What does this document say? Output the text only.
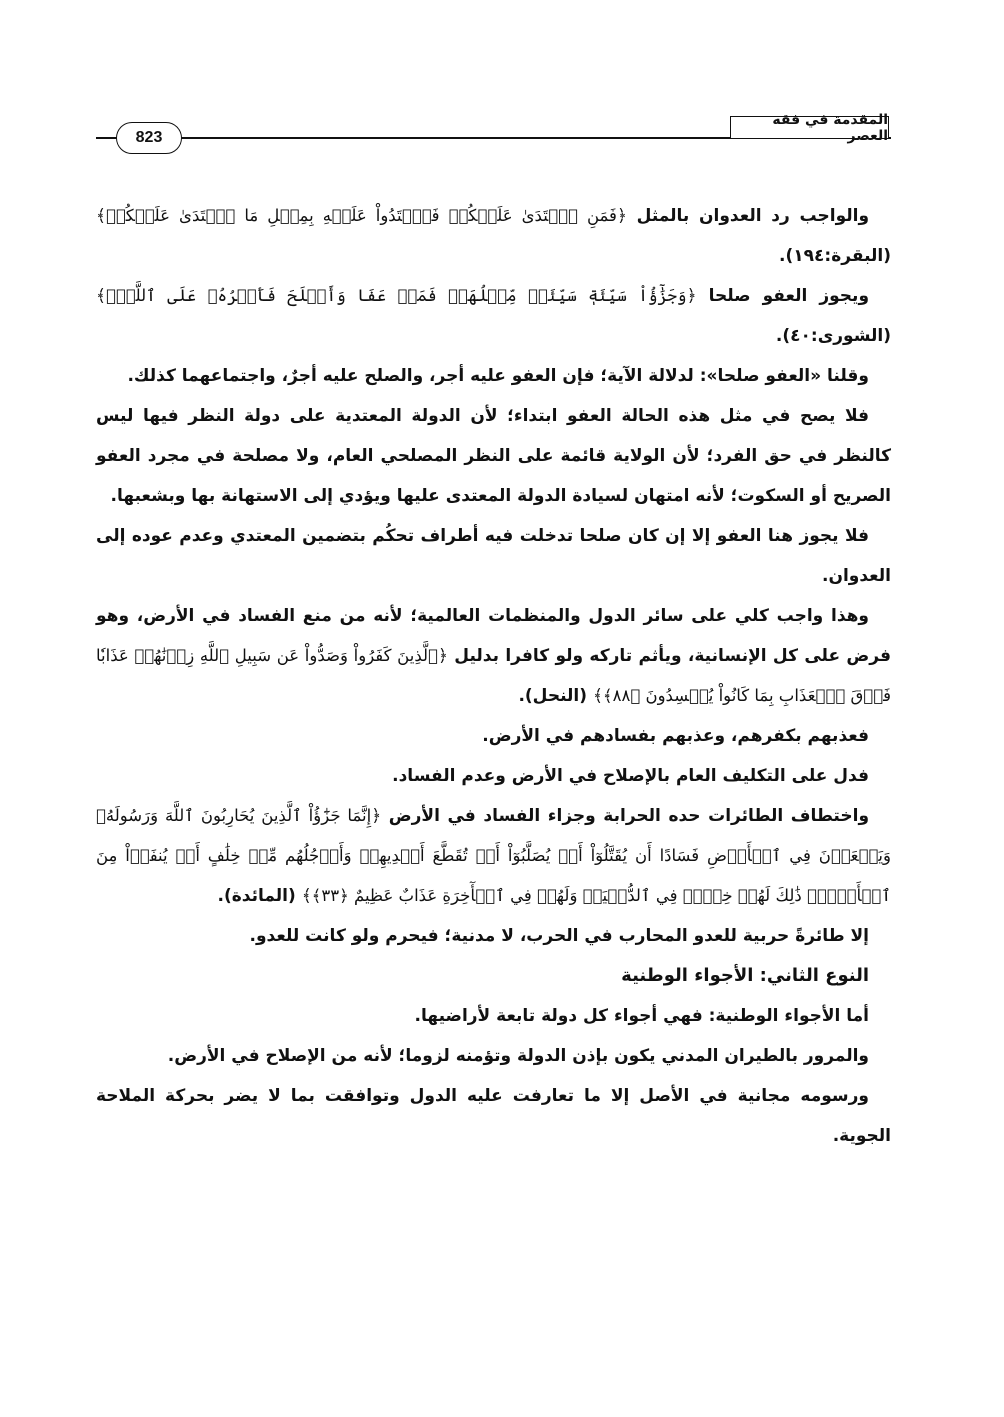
المقدمة في فقه العصر
823

والواجب رد العدوان بالمثل ﴿فَمَنِ ٱعۡتَدَىٰ عَلَيۡكُمۡ فَٱعۡتَدُواْ عَلَيۡهِ بِمِثۡلِ مَا ٱعۡتَدَىٰ عَلَيۡكُمۡ﴾ (البقرة:١٩٤).

ويجوز العفو صلحا ﴿وَجَزَٰٓؤُاْ سَيِّئَةٖ سَيِّئَةٞ مِّثۡلُهَاۖ فَمَنۡ عَفَا وَأَصۡلَحَ فَأَجۡرُهُۥ عَلَى ٱللَّهِۚ﴾ (الشورى:٤٠).

وقلنا «العفو صلحا»: لدلالة الآية؛ فإن العفو عليه أجر، والصلح عليه أجرٌ، واجتماعهما كذلك.

فلا يصح في مثل هذه الحالة العفو ابتداء؛ لأن الدولة المعتدية على دولة النظر فيها ليس كالنظر في حق الفرد؛ لأن الولاية قائمة على النظر المصلحي العام، ولا مصلحة في مجرد العفو الصريح أو السكوت؛ لأنه امتهان لسيادة الدولة المعتدى عليها ويؤدي إلى الاستهانة بها وبشعبها.

فلا يجوز هنا العفو إلا إن كان صلحا تدخلت فيه أطراف تحكُم بتضمين المعتدي وعدم عوده إلى العدوان.

وهذا واجب كلي على سائر الدول والمنظمات العالمية؛ لأنه من منع الفساد في الأرض، وهو فرض على كل الإنسانية، ويأثم تاركه ولو كافرا بدليل ﴿ٱلَّذِينَ كَفَرُواْ وَصَدُّواْ عَن سَبِيلِ ٱللَّهِ زِدۡنَٰهُمۡ عَذَابٗا فَوۡقَ ٱلۡعَذَابِ بِمَا كَانُواْ يُفۡسِدُونَ ﴿٨٨﴾﴾ (النحل).

فعذبهم بكفرهم، وعذبهم بفسادهم في الأرض.

فدل على التكليف العام بالإصلاح في الأرض وعدم الفساد.

واختطاف الطائرات حده الحرابة وجزاء الفساد في الأرض ﴿إِنَّمَا جَزَٰٓؤُاْ ٱلَّذِينَ يُحَارِبُونَ ٱللَّهَ وَرَسُولَهُۥ وَيَسۡعَوۡنَ فِي ٱلۡأَرۡضِ فَسَادًا أَن يُقَتَّلُوٓاْ أَوۡ يُصَلَّبُوٓاْ أَوۡ تُقَطَّعَ أَيۡدِيهِمۡ وَأَرۡجُلُهُم مِّنۡ خِلَٰفٍ أَوۡ يُنفَوۡاْ مِنَ ٱلۡأَرۡضِۚ ذَٰلِكَ لَهُمۡ خِزۡيٞ فِي ٱلدُّنۡيَاۖ وَلَهُمۡ فِي ٱلۡأٓخِرَةِ عَذَابٌ عَظِيمٌ ﴿٣٣﴾﴾ (المائدة).

إلا طائرةً حربية للعدو المحارب في الحرب، لا مدنية؛ فيحرم ولو كانت للعدو.

النوع الثاني: الأجواء الوطنية

أما الأجواء الوطنية: فهي أجواء كل دولة تابعة لأراضيها.

والمرور بالطيران المدني يكون بإذن الدولة وتؤمنه لزوما؛ لأنه من الإصلاح في الأرض.

ورسومه مجانية في الأصل إلا ما تعارفت عليه الدول وتوافقت بما لا يضر بحركة الملاحة الجوية.
